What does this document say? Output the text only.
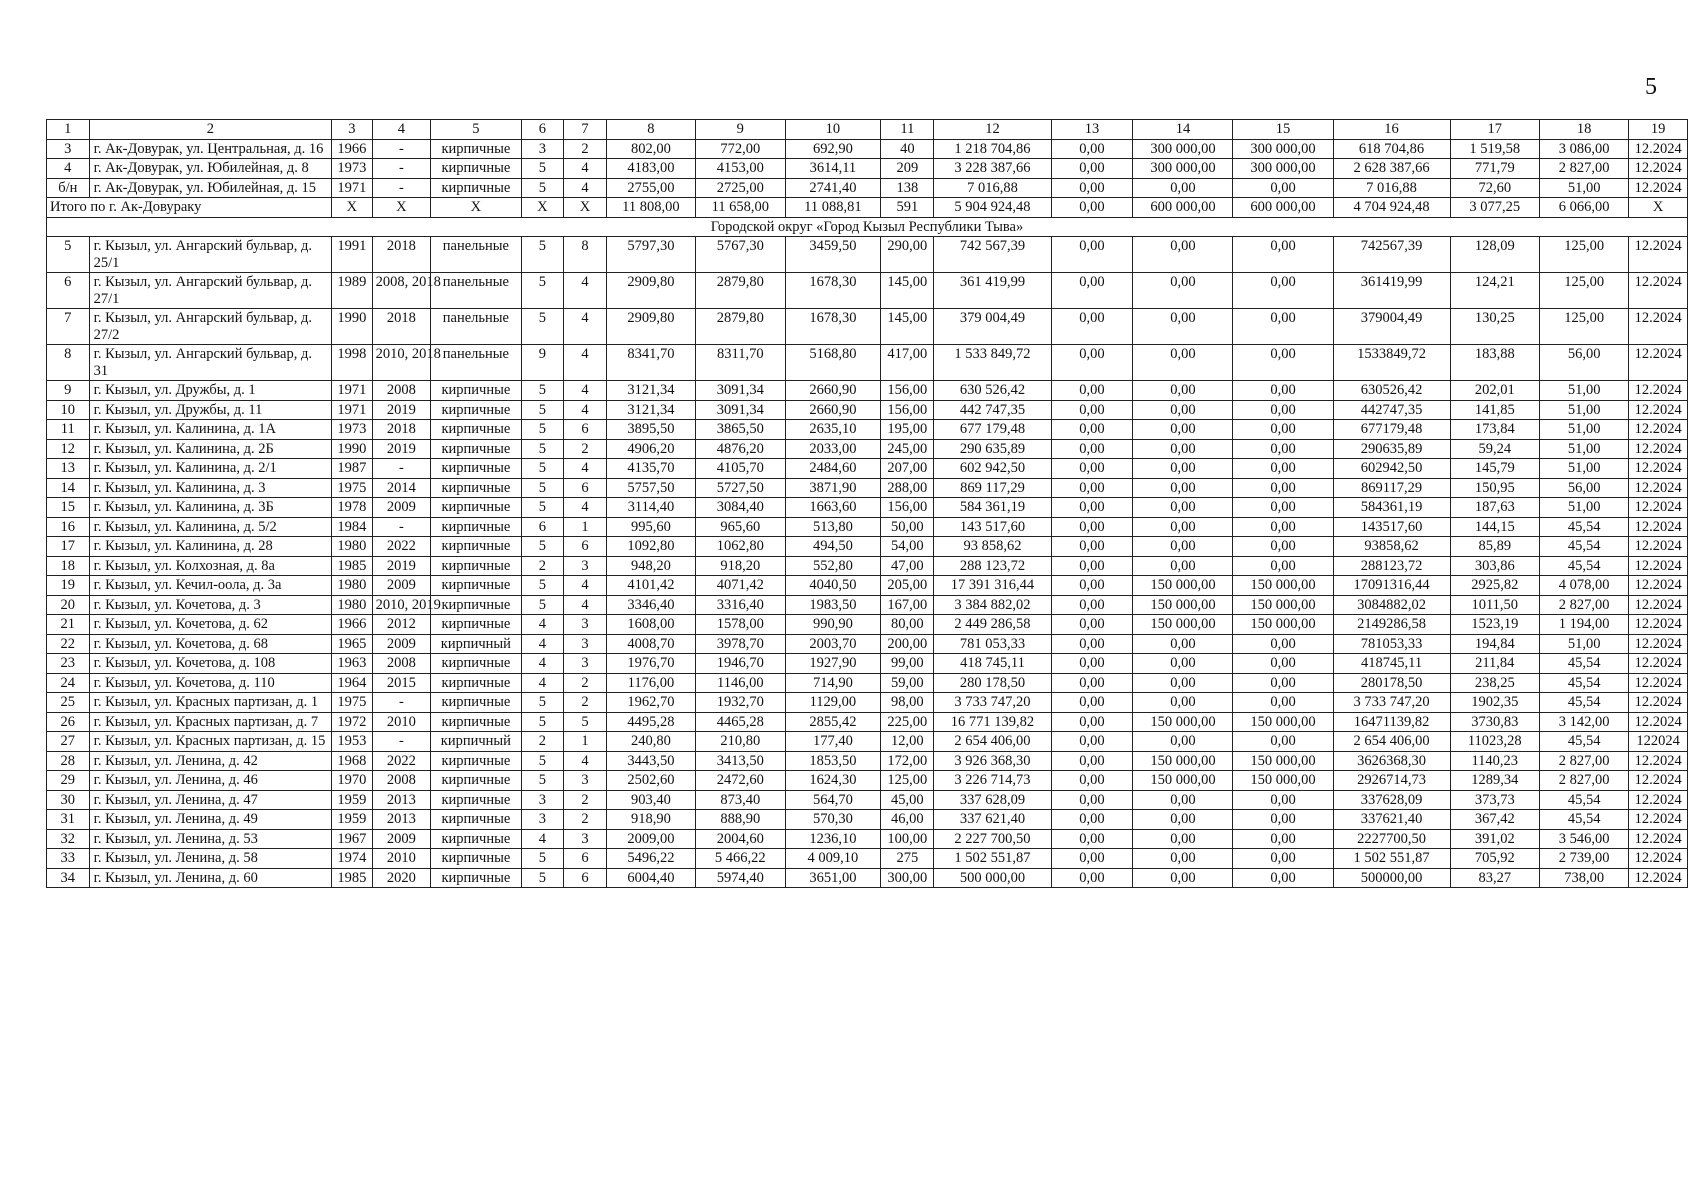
5
1	2	3	4	5	6	7	8	9	10	11	12	13	14	15	16	17	18	19
3	г. Ак-Довурак, ул. Центральная, д. 16	1966	-	кирпичные	3	2	802,00	772,00	692,90	40	1 218 704,86	0,00	300 000,00	300 000,00	618 704,86	1 519,58	3 086,00	12.2024
4	г. Ак-Довурак, ул. Юбилейная, д. 8	1973	-	кирпичные	5	4	4183,00	4153,00	3614,11	209	3 228 387,66	0,00	300 000,00	300 000,00	2 628 387,66	771,79	2 827,00	12.2024
б/н	г. Ак-Довурак, ул. Юбилейная, д. 15	1971	-	кирпичные	5	4	2755,00	2725,00	2741,40	138	7 016,88	0,00	0,00	0,00	7 016,88	72,60	51,00	12.2024
Итого по г. Ак-Довураку		X	X	X	X	X	11 808,00	11 658,00	11 088,81	591	5 904 924,48	0,00	600 000,00	600 000,00	4 704 924,48	3 077,25	6 066,00	X
Городской округ «Город Кызыл Республики Тыва»																		
5	г. Кызыл, ул. Ангарский бульвар, д. 25/1	1991	2018	панельные	5	8	5797,30	5767,30	3459,50	290,00	742 567,39	0,00	0,00	0,00	742567,39	128,09	125,00	12.2024
6	г. Кызыл, ул. Ангарский бульвар, д. 27/1	1989	2008, 2018	панельные	5	4	2909,80	2879,80	1678,30	145,00	361 419,99	0,00	0,00	0,00	361419,99	124,21	125,00	12.2024
7	г. Кызыл, ул. Ангарский бульвар, д. 27/2	1990	2018	панельные	5	4	2909,80	2879,80	1678,30	145,00	379 004,49	0,00	0,00	0,00	379004,49	130,25	125,00	12.2024
8	г. Кызыл, ул. Ангарский бульвар, д. 31	1998	2010, 2018	панельные	9	4	8341,70	8311,70	5168,80	417,00	1 533 849,72	0,00	0,00	0,00	1533849,72	183,88	56,00	12.2024
9	г. Кызыл, ул. Дружбы, д. 1	1971	2008	кирпичные	5	4	3121,34	3091,34	2660,90	156,00	630 526,42	0,00	0,00	0,00	630526,42	202,01	51,00	12.2024
10	г. Кызыл, ул. Дружбы, д. 11	1971	2019	кирпичные	5	4	3121,34	3091,34	2660,90	156,00	442 747,35	0,00	0,00	0,00	442747,35	141,85	51,00	12.2024
11	г. Кызыл, ул. Калинина, д. 1А	1973	2018	кирпичные	5	6	3895,50	3865,50	2635,10	195,00	677 179,48	0,00	0,00	0,00	677179,48	173,84	51,00	12.2024
12	г. Кызыл, ул. Калинина, д. 2Б	1990	2019	кирпичные	5	2	4906,20	4876,20	2033,00	245,00	290 635,89	0,00	0,00	0,00	290635,89	59,24	51,00	12.2024
13	г. Кызыл, ул. Калинина, д. 2/1	1987	-	кирпичные	5	4	4135,70	4105,70	2484,60	207,00	602 942,50	0,00	0,00	0,00	602942,50	145,79	51,00	12.2024
14	г. Кызыл, ул. Калинина, д. 3	1975	2014	кирпичные	5	6	5757,50	5727,50	3871,90	288,00	869 117,29	0,00	0,00	0,00	869117,29	150,95	56,00	12.2024
15	г. Кызыл, ул. Калинина, д. 3Б	1978	2009	кирпичные	5	4	3114,40	3084,40	1663,60	156,00	584 361,19	0,00	0,00	0,00	584361,19	187,63	51,00	12.2024
16	г. Кызыл, ул. Калинина, д. 5/2	1984	-	кирпичные	6	1	995,60	965,60	513,80	50,00	143 517,60	0,00	0,00	0,00	143517,60	144,15	45,54	12.2024
17	г. Кызыл, ул. Калинина, д. 28	1980	2022	кирпичные	5	6	1092,80	1062,80	494,50	54,00	93 858,62	0,00	0,00	0,00	93858,62	85,89	45,54	12.2024
18	г. Кызыл, ул. Колхозная, д. 8а	1985	2019	кирпичные	2	3	948,20	918,20	552,80	47,00	288 123,72	0,00	0,00	0,00	288123,72	303,86	45,54	12.2024
19	г. Кызыл, ул. Кечил-оола, д. 3а	1980	2009	кирпичные	5	4	4101,42	4071,42	4040,50	205,00	17 391 316,44	0,00	150 000,00	150 000,00	17091316,44	2925,82	4 078,00	12.2024
20	г. Кызыл, ул. Кочетова, д. 3	1980	2010, 2019	кирпичные	5	4	3346,40	3316,40	1983,50	167,00	3 384 882,02	0,00	150 000,00	150 000,00	3084882,02	1011,50	2 827,00	12.2024
21	г. Кызыл, ул. Кочетова, д. 62	1966	2012	кирпичные	4	3	1608,00	1578,00	990,90	80,00	2 449 286,58	0,00	150 000,00	150 000,00	2149286,58	1523,19	1 194,00	12.2024
22	г. Кызыл, ул. Кочетова, д. 68	1965	2009	кирпичный	4	3	4008,70	3978,70	2003,70	200,00	781 053,33	0,00	0,00	0,00	781053,33	194,84	51,00	12.2024
23	г. Кызыл, ул. Кочетова, д. 108	1963	2008	кирпичные	4	3	1976,70	1946,70	1927,90	99,00	418 745,11	0,00	0,00	0,00	418745,11	211,84	45,54	12.2024
24	г. Кызыл, ул. Кочетова, д. 110	1964	2015	кирпичные	4	2	1176,00	1146,00	714,90	59,00	280 178,50	0,00	0,00	0,00	280178,50	238,25	45,54	12.2024
25	г. Кызыл, ул. Красных партизан, д. 1	1975	-	кирпичные	5	2	1962,70	1932,70	1129,00	98,00	3 733 747,20	0,00	0,00	0,00	3 733 747,20	1902,35	45,54	12.2024
26	г. Кызыл, ул. Красных партизан, д. 7	1972	2010	кирпичные	5	5	4495,28	4465,28	2855,42	225,00	16 771 139,82	0,00	150 000,00	150 000,00	16471139,82	3730,83	3 142,00	12.2024
27	г. Кызыл, ул. Красных партизан, д. 15	1953	-	кирпичный	2	1	240,80	210,80	177,40	12,00	2 654 406,00	0,00	0,00	0,00	2 654 406,00	11023,28	45,54	122024
28	г. Кызыл, ул. Ленина, д. 42	1968	2022	кирпичные	5	4	3443,50	3413,50	1853,50	172,00	3 926 368,30	0,00	150 000,00	150 000,00	3626368,30	1140,23	2 827,00	12.2024
29	г. Кызыл, ул. Ленина, д. 46	1970	2008	кирпичные	5	3	2502,60	2472,60	1624,30	125,00	3 226 714,73	0,00	150 000,00	150 000,00	2926714,73	1289,34	2 827,00	12.2024
30	г. Кызыл, ул. Ленина, д. 47	1959	2013	кирпичные	3	2	903,40	873,40	564,70	45,00	337 628,09	0,00	0,00	0,00	337628,09	373,73	45,54	12.2024
31	г. Кызыл, ул. Ленина, д. 49	1959	2013	кирпичные	3	2	918,90	888,90	570,30	46,00	337 621,40	0,00	0,00	0,00	337621,40	367,42	45,54	12.2024
32	г. Кызыл, ул. Ленина, д. 53	1967	2009	кирпичные	4	3	2009,00	2004,60	1236,10	100,00	2 227 700,50	0,00	0,00	0,00	2227700,50	391,02	3 546,00	12.2024
33	г. Кызыл, ул. Ленина, д. 58	1974	2010	кирпичные	5	6	5496,22	5 466,22	4 009,10	275	1 502 551,87	0,00	0,00	0,00	1 502 551,87	705,92	2 739,00	12.2024
34	г. Кызыл, ул. Ленина, д. 60	1985	2020	кирпичные	5	6	6004,40	5974,40	3651,00	300,00	500 000,00	0,00	0,00	0,00	500000,00	83,27	738,00	12.2024
